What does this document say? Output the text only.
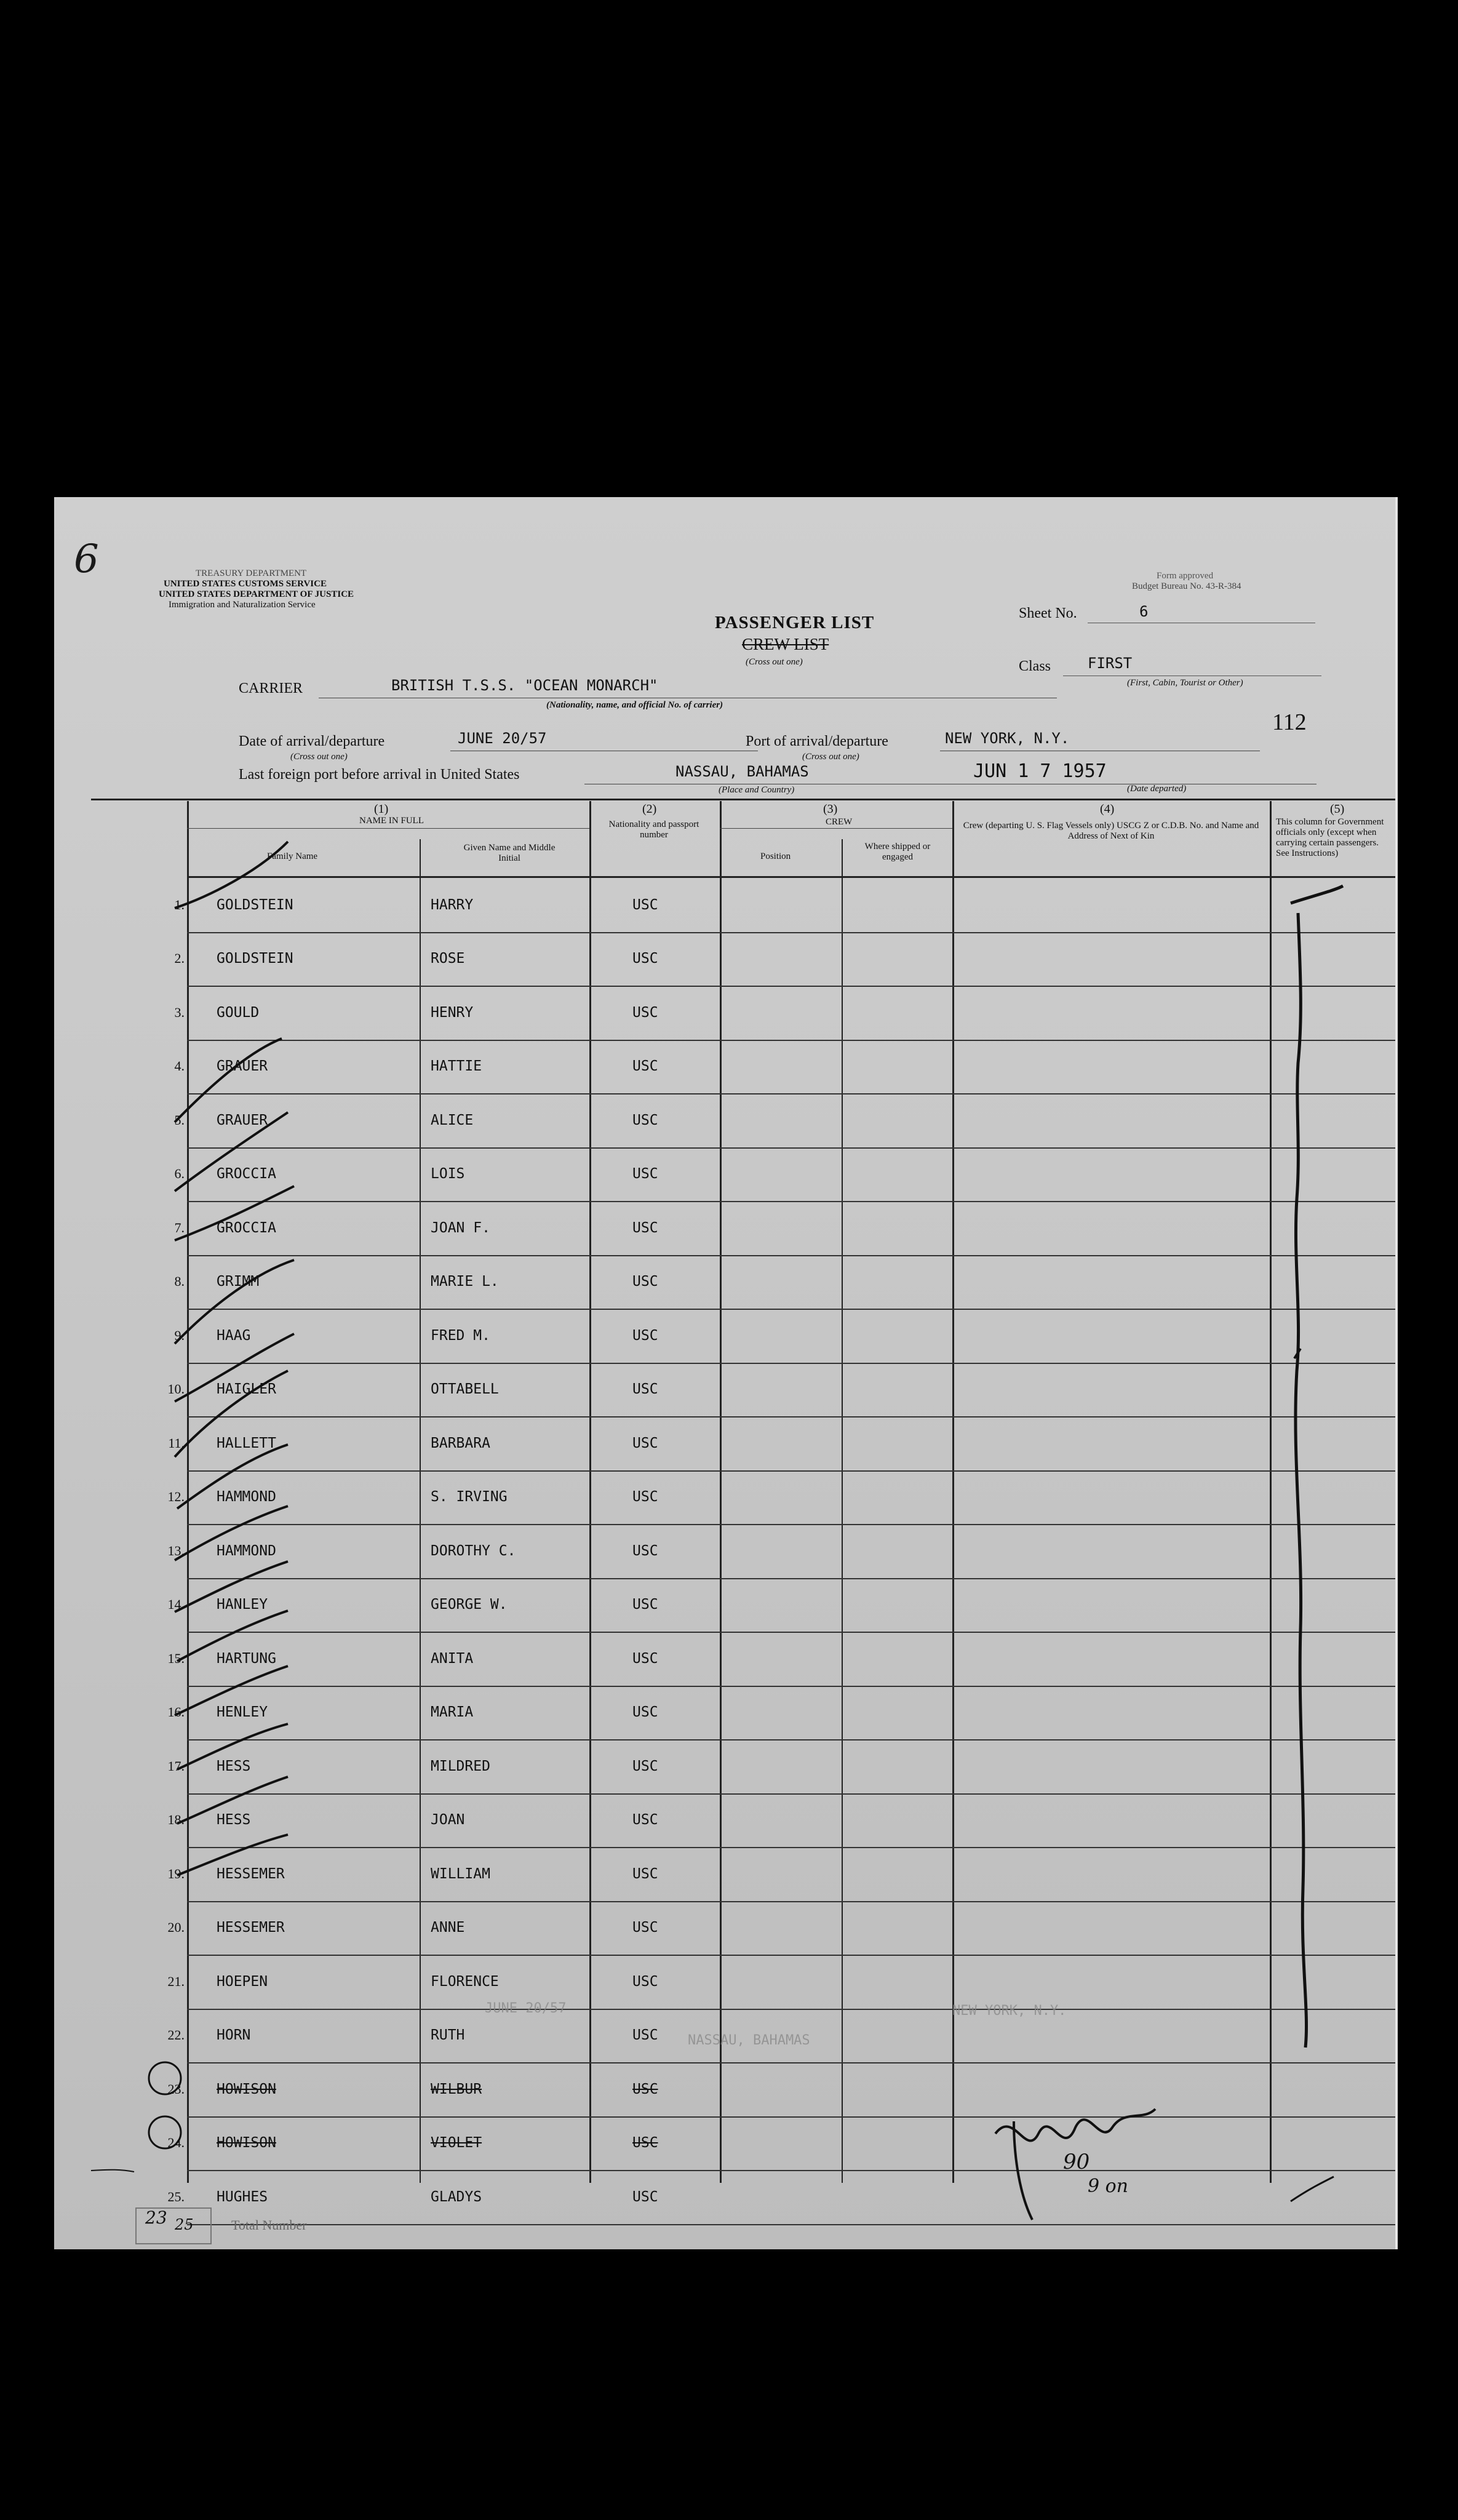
6	TREASURY DEPARTMENT
UNITED STATES CUSTOMS SERVICE
UNITED STATES DEPARTMENT OF JUSTICE
Immigration and Naturalization Service
Form approved
Budget Bureau No. 43-R-384
PASSENGER LIST
CREW LIST
(Cross out one)
Sheet No.	6
Class FIRST
(First, Cabin, Tourist or Other)
CARRIER	BRITISH T.S.S. "OCEAN MONARCH"
(Nationality, name, and official No. of carrier)
112
Date of arrival/departure	JUNE 20/57
(Cross out one)
Port of arrival/departure	NEW YORK, N.Y.
(Cross out one)
Last foreign port before arrival in United States	NASSAU, BAHAMAS
(Place and Country)
JUN 1 7 1957
(Date departed)
(1)
NAME IN FULL
Family Name
Given Name and Middle Initial
(2)
Nationality and passport number
(3)
CREW
Position
Where shipped or engaged
(4)
Crew (departing U. S. Flag Vessels only) USCG Z or C.D.B. No. and Name and Address of Next of Kin
(5)
This column for Government officials only (except when carrying certain passengers. See Instructions)
1. GOLDSTEIN	HARRY	USC
2. GOLDSTEIN	ROSE	USC
3. GOULD	HENRY	USC
4. GRAUER	HATTIE	USC
5. GRAUER	ALICE	USC
6. GROCCIA	LOIS	USC
7. GROCCIA	JOAN F.	USC
8. GRIMM	MARIE L.	USC
9. HAAG	FRED M.	USC
10. HAIGLER	OTTABELL	USC
11. HALLETT	BARBARA	USC
12. HAMMOND	S. IRVING	USC
13. HAMMOND	DOROTHY C.	USC
14. HANLEY	GEORGE W.	USC
15. HARTUNG	ANITA	USC
16. HENLEY	MARIA	USC
17. HESS	MILDRED	USC
18. HESS	JOAN	USC
19. HESSEMER	WILLIAM	USC
20. HESSEMER	ANNE	USC
21. HOEPEN	FLORENCE	USC
22. HORN	RUTH	USC
23. HOWISON	WILBUR	USC
24. HOWISON	VIOLET	USC
25. HUGHES	GLADYS	USC
JUNE 20/57	NEW YORK, N.Y.
NASSAU, BAHAMAS
90
9 on
23 25	Total Number
